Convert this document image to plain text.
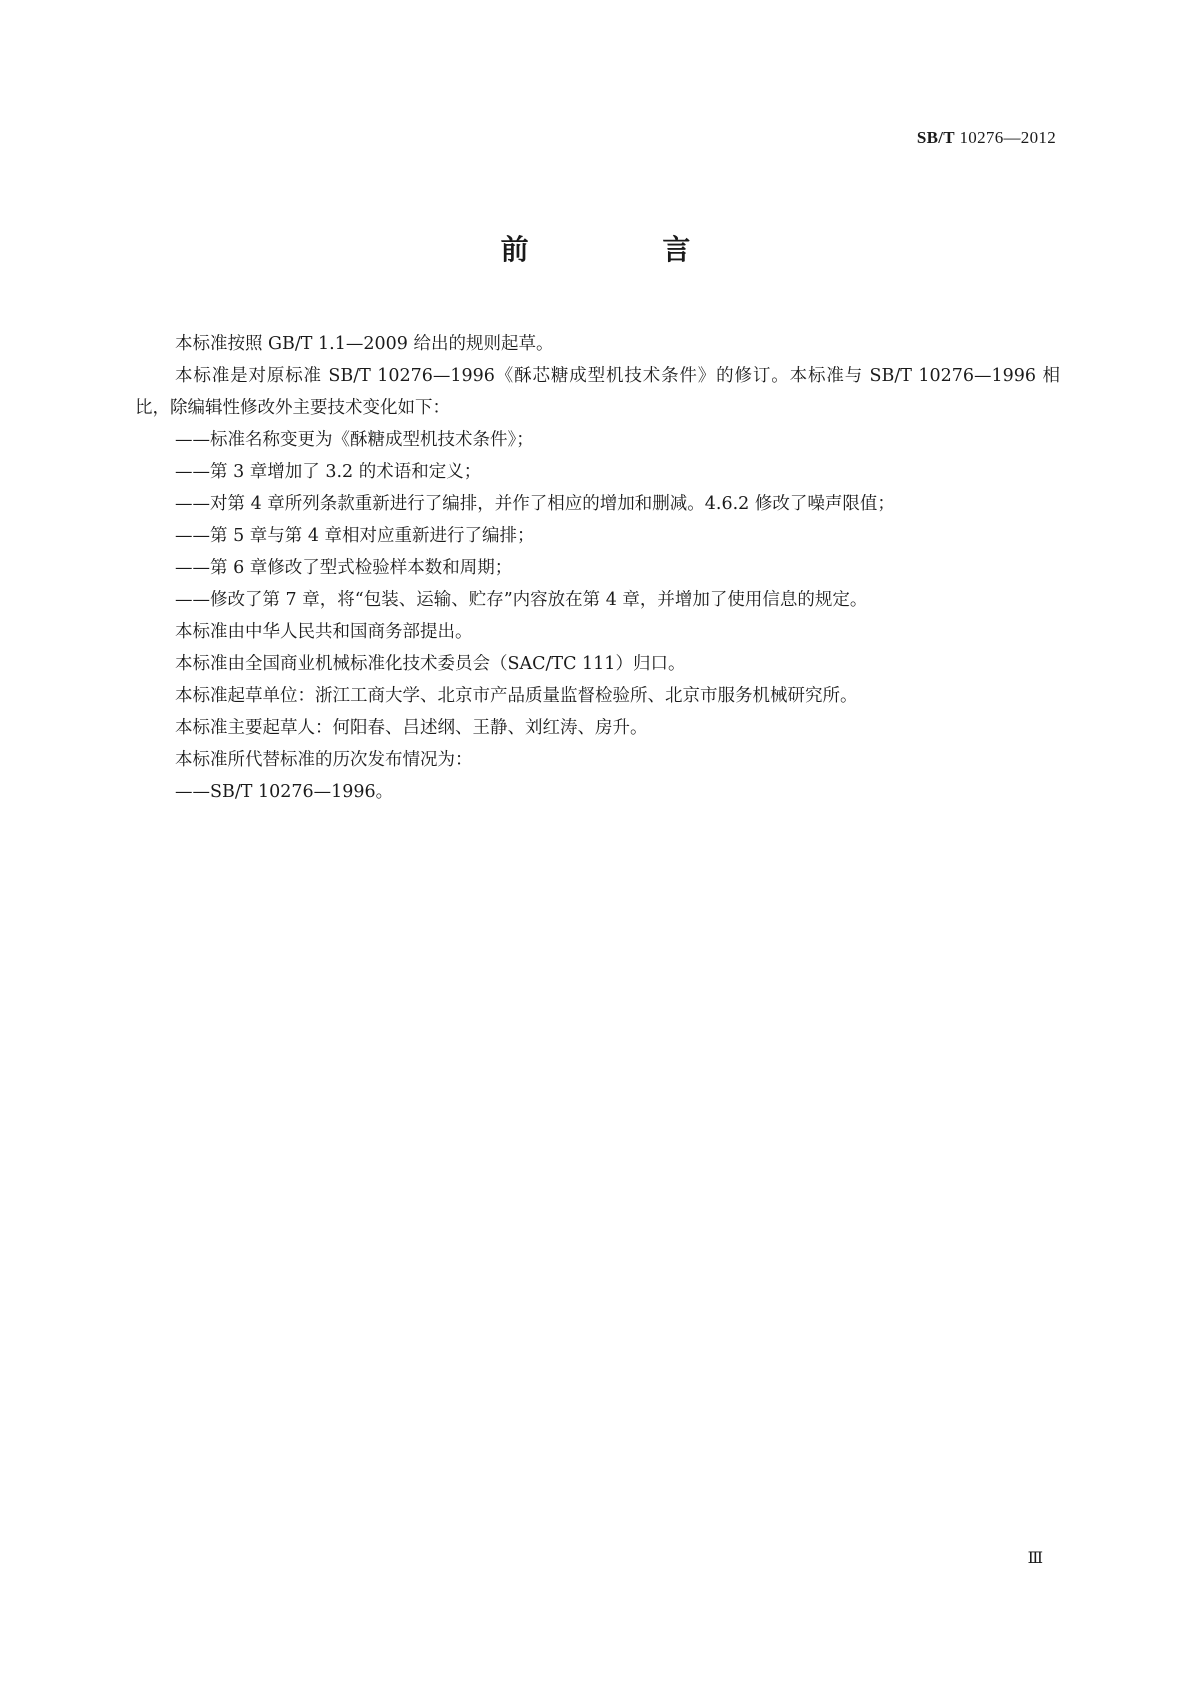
SB/T 10276—2012
前 言

本标准按照 GB/T 1.1—2009 给出的规则起草。

本标准是对原标准 SB/T 10276—1996《酥芯糖成型机技术条件》的修订。本标准与 SB/T 10276—1996 相比，除编辑性修改外主要技术变化如下：

——标准名称变更为《酥糖成型机技术条件》；

——第 3 章增加了 3.2 的术语和定义；

——对第 4 章所列条款重新进行了编排，并作了相应的增加和删减。4.6.2 修改了噪声限值；

——第 5 章与第 4 章相对应重新进行了编排；

——第 6 章修改了型式检验样本数和周期；

——修改了第 7 章，将“包装、运输、贮存”内容放在第 4 章，并增加了使用信息的规定。

本标准由中华人民共和国商务部提出。

本标准由全国商业机械标准化技术委员会（SAC/TC 111）归口。

本标准起草单位：浙江工商大学、北京市产品质量监督检验所、北京市服务机械研究所。

本标准主要起草人：何阳春、吕述纲、王静、刘红涛、房升。

本标准所代替标准的历次发布情况为：

——SB/T 10276—1996。

Ⅲ
